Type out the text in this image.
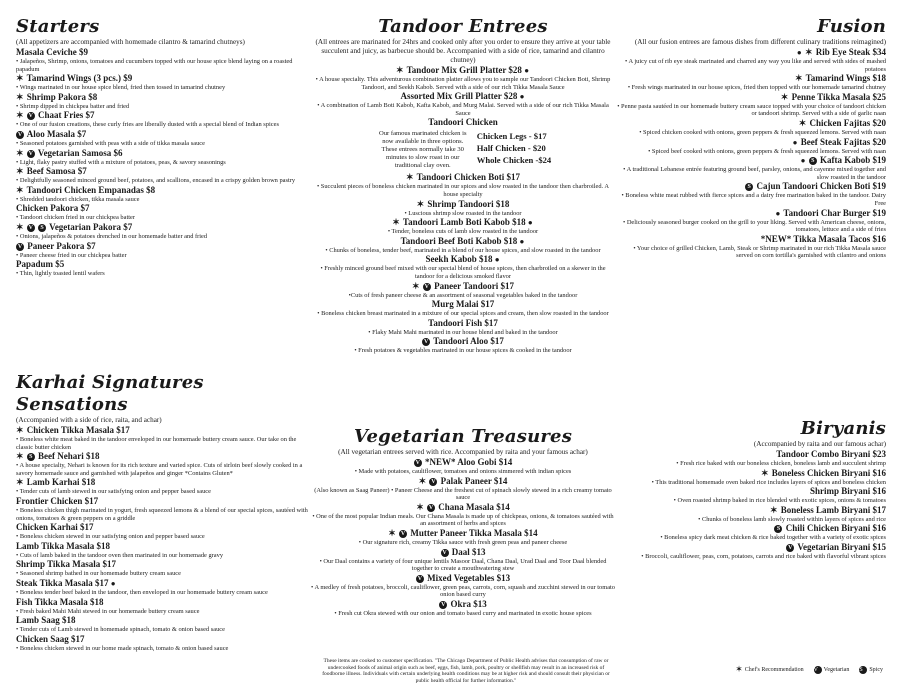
Starters
(All appetizers are accompanied with homemade cilantro & tamarind chutneys)
Masala Ceviche $9
• Jalapeños, Shrimp, onions, tomatoes and cucumbers topped with our house spice blend laying on a roasted papadum
✶ Tamarind Wings (3 pcs.) $9
• Wings marinated in our house spice blend, fried then tossed in tamarind chutney
✶ Shrimp Pakora $8
• Shrimp dipped in chickpea batter and fried
✶ V Chaat Fries $7
• One of our fusion creations, these curly fries are liberally dusted with a special blend of Indian spices
V Aloo Masala $7
• Seasoned potatoes garnished with peas with a side of tikka masala sauce
✶ V Vegetarian Samosa $6
• Light, flaky pastry stuffed with a mixture of potatoes, peas, & savory seasonings
✶ Beef Samosa $7
• Delightfully seasoned minced ground beef, potatoes, and scallions, encased in a crispy golden brown pastry
✶ Tandoori Chicken Empanadas $8
• Shredded tandoori chicken, tikka masala sauce
Chicken Pakora $7
• Tandoori chicken fried in our chickpea batter
✶ V S Vegetarian Pakora $7
• Onions, jalapeños & potatoes drenched in our homemade batter and fried
V Paneer Pakora $7
• Paneer cheese fried in our chickpea batter
Papadum $5
• Thin, lightly toasted lentil wafers
Karhai Signatures Sensations
(Accompanied with a side of rice, raita, and achar)
✶ Chicken Tikka Masala $17
• Boneless white meat baked in the tandoor enveloped in our homemade buttery cream sauce. Our take on the classic butter chicken
✶ S Beef Nehari $18
• A house specialty, Nehari is known for its rich texture and varied spice. Cuts of sirloin beef slowly cooked in a savory homemade sauce and garnished with jalapeños and ginger *Contains Gluten*
✶ Lamb Karhai $18
• Tender cuts of lamb stewed in our satisfying onion and pepper based sauce
Frontier Chicken $17
• Boneless chicken thigh marinated in yogurt, fresh squeezed lemons & a blend of our special spices, sautéed with onions, tomatoes & green peppers on a griddle
Chicken Karhai $17
• Boneless chicken stewed in our satisfying onion and pepper based sauce
Lamb Tikka Masala $18
• Cuts of lamb baked in the tandoor oven then marinated in our homemade gravy
Shrimp Tikka Masala $17
• Seasoned shrimp bathed in our homemade buttery cream sauce
Steak Tikka Masala $17 ●
• Boneless tender beef baked in the tandoor, then enveloped in our homemade buttery cream sauce
Fish Tikka Masala $18
• Fresh baked Mahi Mahi stewed in our homemade buttery cream sauce
Lamb Saag $18
• Tender cuts of Lamb stewed in homemade spinach, tomato & onion based sauce
Chicken Saag $17
• Boneless chicken stewed in our home made spinach, tomato & onion based sauce
Tandoor Entrees
(All entrees are marinated for 24hrs and cooked only after you order to ensure they arrive at your table succulent and juicy, as barbecue should be. Accompanied with a side of rice, tamarind and cilantro chutney)
✶ Tandoor Mix Grill Platter $28 ●
• A house specialty. This adventurous combination platter allows you to sample our Tandoori Chicken Boti, Shrimp Tandoori, and Seekh Kabob. Served with a side of our rich Tikka Masala Sauce
Assorted Mix Grill Platter $28 ●
• A combination of Lamb Boti Kabob, Kafta Kabob, and Murg Malai. Served with a side of our rich Tikka Masala Sauce
Tandoori Chicken
Our famous marinated chicken is now available in three options. These entrees normally take 30 minutes to slow roast in our traditional clay oven.
Chicken Legs - $17
Half Chicken - $20
Whole Chicken -$24
✶ Tandoori Chicken Boti $17
• Succulent pieces of boneless chicken marinated in our spices and slow roasted in the tandoor then charbroiled. A house specialty
✶ Shrimp Tandoori $18
• Luscious shrimp slow roasted in the tandoor
✶ Tandoori Lamb Boti Kabob $18 ●
• Tender, boneless cuts of lamb slow roasted in the tandoor
Tandoori Beef Boti Kabob $18 ●
• Chunks of boneless, tender beef, marinated in a blend of our house spices, and slow roasted in the tandoor
Seekh Kabob $18 ●
• Freshly minced ground beef mixed with our special blend of house spices, then charbroiled on a skewer in the tandoor for a delicious smoked flavor
✶ V Paneer Tandoori $17
•Cuts of fresh paneer cheese & an assortment of seasonal vegetables baked in the tandoor
Murg Malai $17
• Boneless chicken breast marinated in a mixture of our special spices and cream, then slow roasted in the tandoor
Tandoori Fish $17
• Flaky Mahi Mahi marinated in our house blend and baked in the tandoor
V Tandoori Aloo $17
• Fresh potatoes & vegetables marinated in our house spices & cooked in the tandoor
Vegetarian Treasures
(All vegetarian entrees served with rice. Accompanied by raita and your famous achar)
V *NEW* Aloo Gobi $14
• Made with potatoes, cauliflower, tomatoes and onions simmered with indian spices
✶ V Palak Paneer $14
(Also known as Saag Paneer) • Paneer Cheese and the freshest cut of spinach slowly stewed in a rich creamy tomato sauce
✶ V Chana Masala $14
• One of the most popular Indian meals. Our Chana Masala is made up of chickpeas, onions, & tomatoes sautéed with an assortment of herbs and spices
✶ V Mutter Paneer Tikka Masala $14
• Our signature rich, creamy Tikka sauce with fresh green peas and paneer cheese
V Daal $13
• Our Daal contains a variety of four unique lentils Masoor Daal, Chana Daal, Urad Daal and Toor Daal blended together to create a mouthwatering stew
V Mixed Vegetables $13
• A medley of fresh potatoes, broccoli, cauliflower, green peas, carrots, corn, squash and zucchini stewed in our tomato onion based curry
V Okra $13
• Fresh cut Okra stewed with our onion and tomato based curry and marinated in exotic house spices
Fusion
(All our fusion entrees are famous dishes from different culinary traditions reimagined)
● ✶ Rib Eye Steak $34
• A juicy cut of rib eye steak marinated and charred any way you like and served with sides of mashed potatoes
✶ Tamarind Wings $18
• Fresh wings marinated in our house spices, fried then topped with our homemade tamarind chutney
✶ Penne Tikka Masala $25
• Penne pasta sautéed in our homemade buttery cream sauce topped with your choice of tandoori chicken or tandoori shrimp. Served with a side of garlic naan
✶ Chicken Fajitas $20
• Spiced chicken cooked with onions, green peppers & fresh squeezed lemons. Served with naan
● Beef Steak Fajitas $20
• Spiced beef cooked with onions, green peppers & fresh squeezed lemons. Served with naan
● S Kafta Kabob $19
• A traditional Lebanese entrée featuring ground beef, parsley, onions, and cayenne mixed together and slow roasted in the tandoor
S Cajun Tandoori Chicken Boti $19
• Boneless white meat rubbed with fierce spices and a dairy free marination baked in the tandoor. Dairy Free
● Tandoori Char Burger $19
• Deliciously seasoned burger cooked on the grill to your liking. Served with American cheese, onions, tomatoes, lettuce and a side of fries
*NEW* Tikka Masala Tacos $16
• Your choice of grilled Chicken, Lamb, Steak or Shrimp marinated in our rich Tikka Masala sauce served on corn tortilla's garnished with cilantro and onions
Biryanis
(Accompanied by raita and our famous achar)
Tandoor Combo Biryani $23
• Fresh rice baked with our boneless chicken, boneless lamb and succulent shrimp
✶ Boneless Chicken Biryani $16
• This traditional homemade oven baked rice includes layers of spices and boneless chicken
Shrimp Biryani $16
• Oven roasted shrimp baked in rice blended with exotic spices, onions & tomatoes
✶ Boneless Lamb Biryani $17
• Chunks of boneless lamb slowly roasted within layers of spices and rice
S Chili Chicken Biryani $16
• Boneless spicy dark meat chicken & rice baked together with a variety of exotic spices
V Vegetarian Biryani $15
• Broccoli, cauliflower, peas, corn, potatoes, carrots and rice baked with flavorful vibrant spices
These items are cooked to customer specification. "The Chicago Department of Public Health advises that consumption of raw or undercooked foods of animal origin such as beef, eggs, fish, lamb, pork, poultry or shellfish may result in an increased risk of foodborne illness. Individuals with certain underlying health conditions may be at higher risk and should consult their physician or public health official for further information."
✶ Chef's Recommendation V Vegetarian S	Spicy
